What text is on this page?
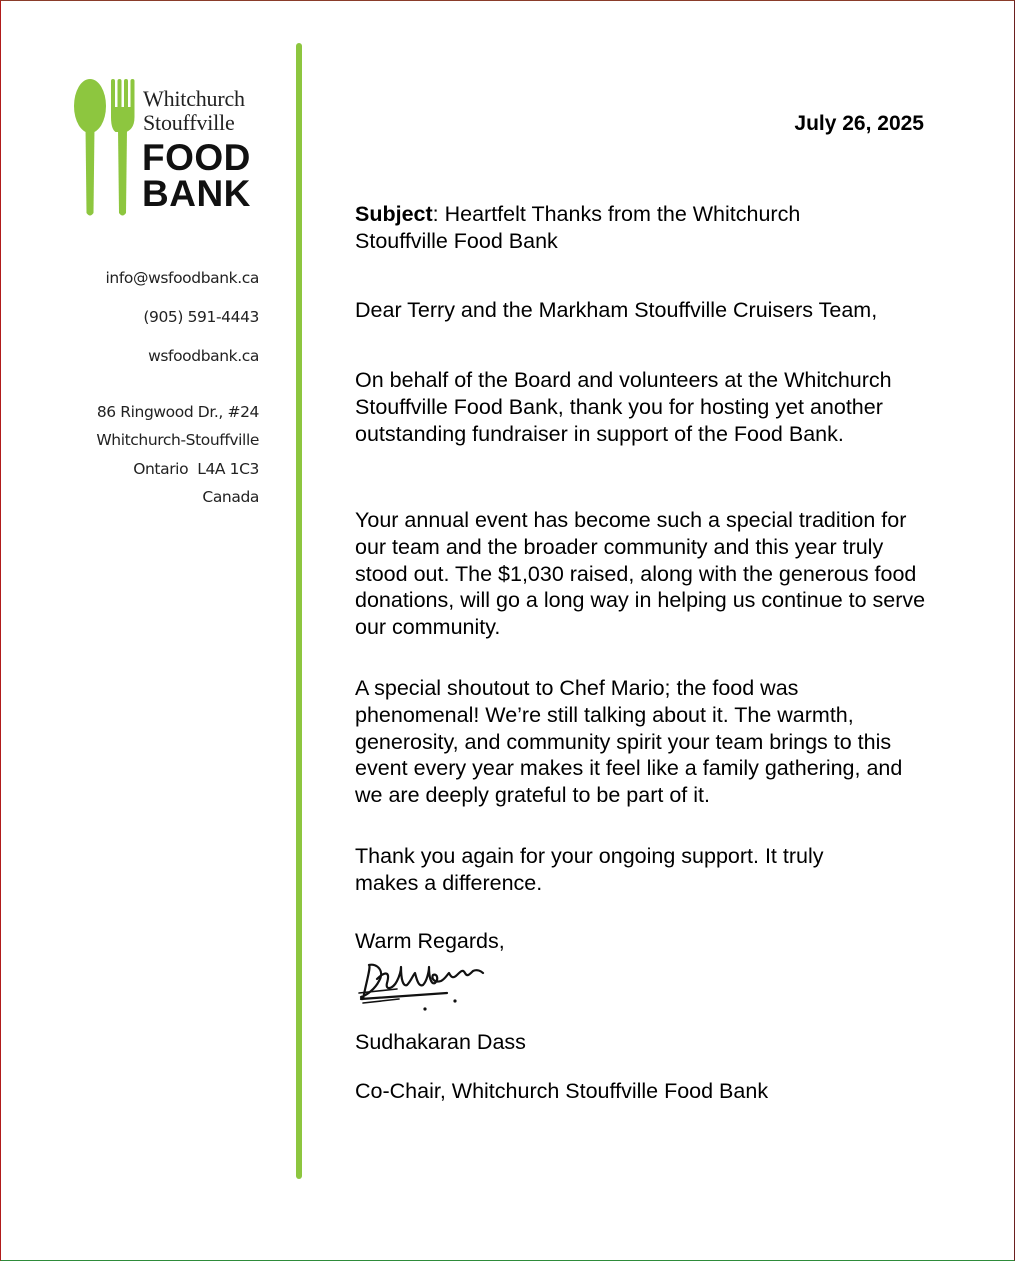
Whitchurch
Stouffville
FOOD
BANK
info@wsfoodbank.ca
(905) 591-4443
wsfoodbank.ca
86 Ringwood Dr., #24
Whitchurch-Stouffville
Ontario  L4A 1C3
Canada
July 26, 2025
Subject: Heartfelt Thanks from the Whitchurch Stouffville Food Bank
Dear Terry and the Markham Stouffville Cruisers Team,
On behalf of the Board and volunteers at the Whitchurch Stouffville Food Bank, thank you for hosting yet another outstanding fundraiser in support of the Food Bank.
Your annual event has become such a special tradition for our team and the broader community and this year truly stood out. The $1,030 raised, along with the generous food donations, will go a long way in helping us continue to serve our community.
A special shoutout to Chef Mario; the food was phenomenal! We’re still talking about it. The warmth, generosity, and community spirit your team brings to this event every year makes it feel like a family gathering, and we are deeply grateful to be part of it.
Thank you again for your ongoing support. It truly makes a difference.
Warm Regards,
Sudhakaran Dass
Co-Chair, Whitchurch Stouffville Food Bank
